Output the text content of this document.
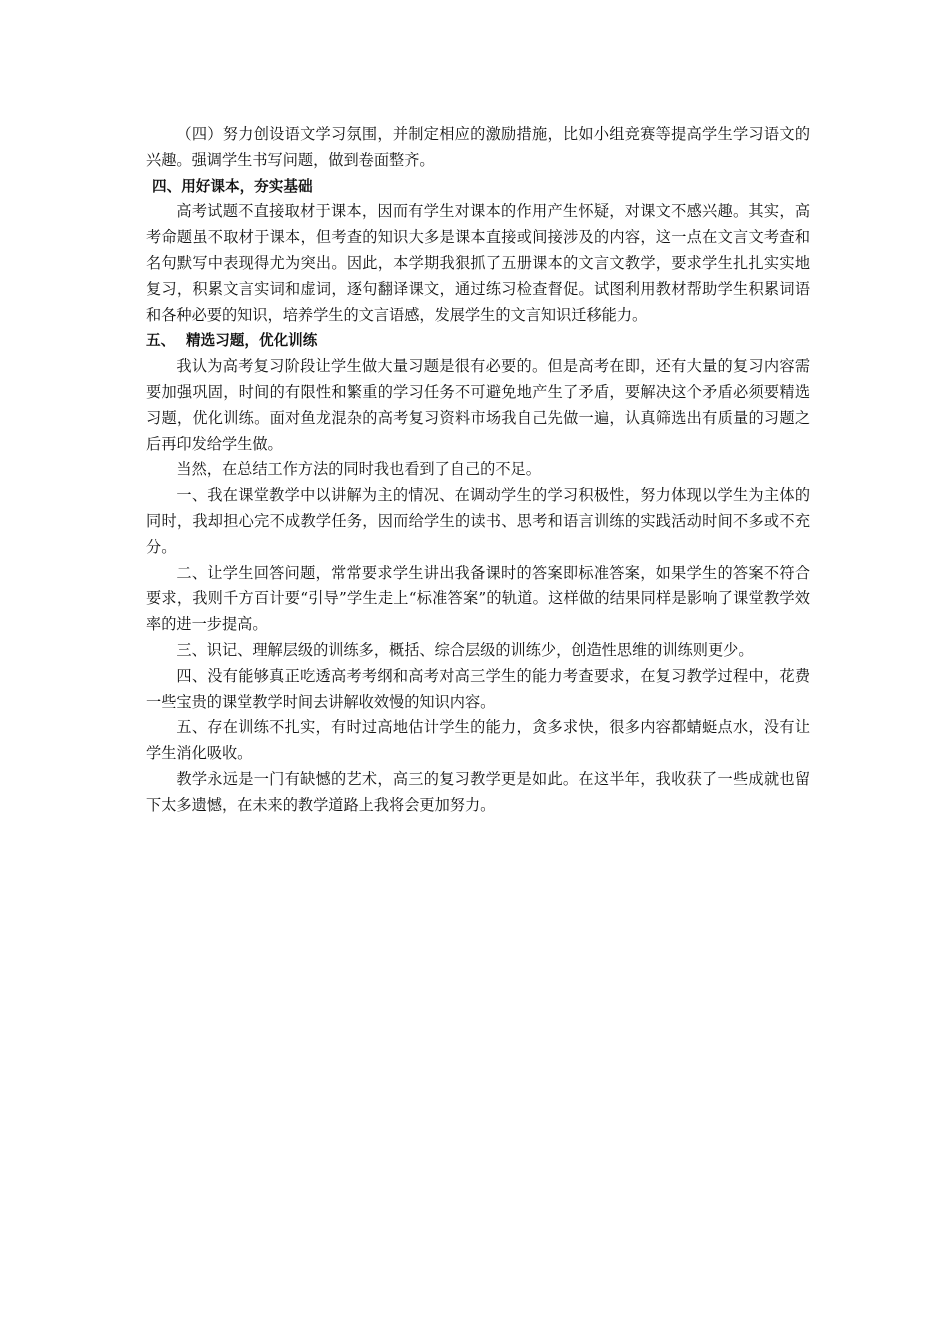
（四）努力创设语文学习氛围，并制定相应的激励措施，比如小组竞赛等提高学生学习语文的兴趣。强调学生书写问题，做到卷面整齐。

四、用好课本，夯实基础

高考试题不直接取材于课本，因而有学生对课本的作用产生怀疑，对课文不感兴趣。其实，高考命题虽不取材于课本，但考查的知识大多是课本直接或间接涉及的内容，这一点在文言文考查和名句默写中表现得尤为突出。因此，本学期我狠抓了五册课本的文言文教学，要求学生扎扎实实地复习，积累文言实词和虚词，逐句翻译课文，通过练习检查督促。试图利用教材帮助学生积累词语和各种必要的知识，培养学生的文言语感，发展学生的文言知识迁移能力。

五、 精选习题，优化训练

我认为高考复习阶段让学生做大量习题是很有必要的。但是高考在即，还有大量的复习内容需要加强巩固，时间的有限性和繁重的学习任务不可避免地产生了矛盾，要解决这个矛盾必须要精选习题，优化训练。面对鱼龙混杂的高考复习资料市场我自己先做一遍，认真筛选出有质量的习题之后再印发给学生做。

当然，在总结工作方法的同时我也看到了自己的不足。

一、我在课堂教学中以讲解为主的情况、在调动学生的学习积极性，努力体现以学生为主体的同时，我却担心完不成教学任务，因而给学生的读书、思考和语言训练的实践活动时间不多或不充分。

二、让学生回答问题，常常要求学生讲出我备课时的答案即标准答案，如果学生的答案不符合要求，我则千方百计要“引导”学生走上“标准答案”的轨道。这样做的结果同样是影响了课堂教学效率的进一步提高。

三、识记、理解层级的训练多，概括、综合层级的训练少，创造性思维的训练则更少。

四、没有能够真正吃透高考考纲和高考对高三学生的能力考查要求，在复习教学过程中，花费一些宝贵的课堂教学时间去讲解收效慢的知识内容。

五、存在训练不扎实，有时过高地估计学生的能力，贪多求快，很多内容都蜻蜓点水，没有让学生消化吸收。

教学永远是一门有缺憾的艺术，高三的复习教学更是如此。在这半年，我收获了一些成就也留下太多遗憾，在未来的教学道路上我将会更加努力。
